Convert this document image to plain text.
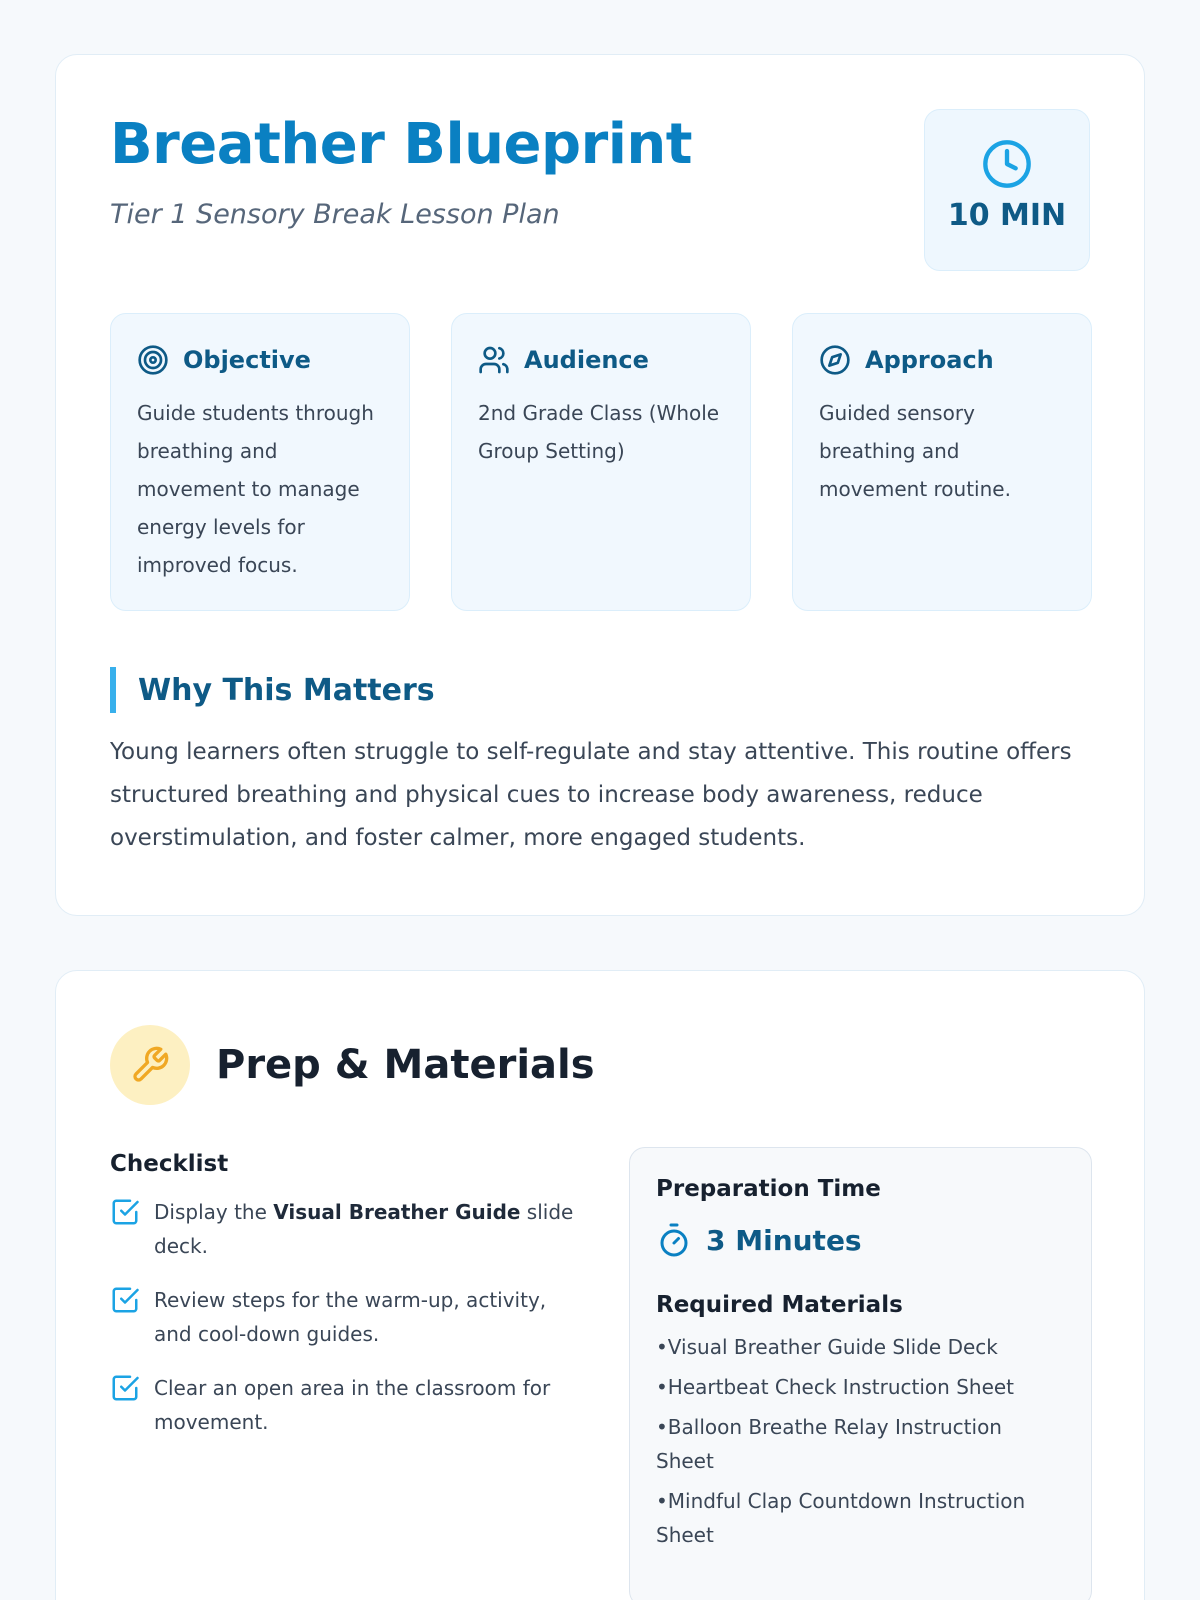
Breather Blueprint
Tier 1 Sensory Break Lesson Plan	10 MIN
Objective
Guide students through breathing and movement to manage energy levels for improved focus.
Audience
2nd Grade Class (Whole Group Setting)
Approach
Guided sensory breathing and movement routine.
Why This Matters
Young learners often struggle to self-regulate and stay attentive. This routine offers structured breathing and physical cues to increase body awareness, reduce overstimulation, and foster calmer, more engaged students.
Prep & Materials
Checklist
Display the Visual Breather Guide slide deck.
Review steps for the warm-up, activity, and cool-down guides.
Clear an open area in the classroom for movement.
Preparation Time
3 Minutes
Required Materials
• Visual Breather Guide Slide Deck
• Heartbeat Check Instruction Sheet
• Balloon Breathe Relay Instruction Sheet
• Mindful Clap Countdown Instruction Sheet
